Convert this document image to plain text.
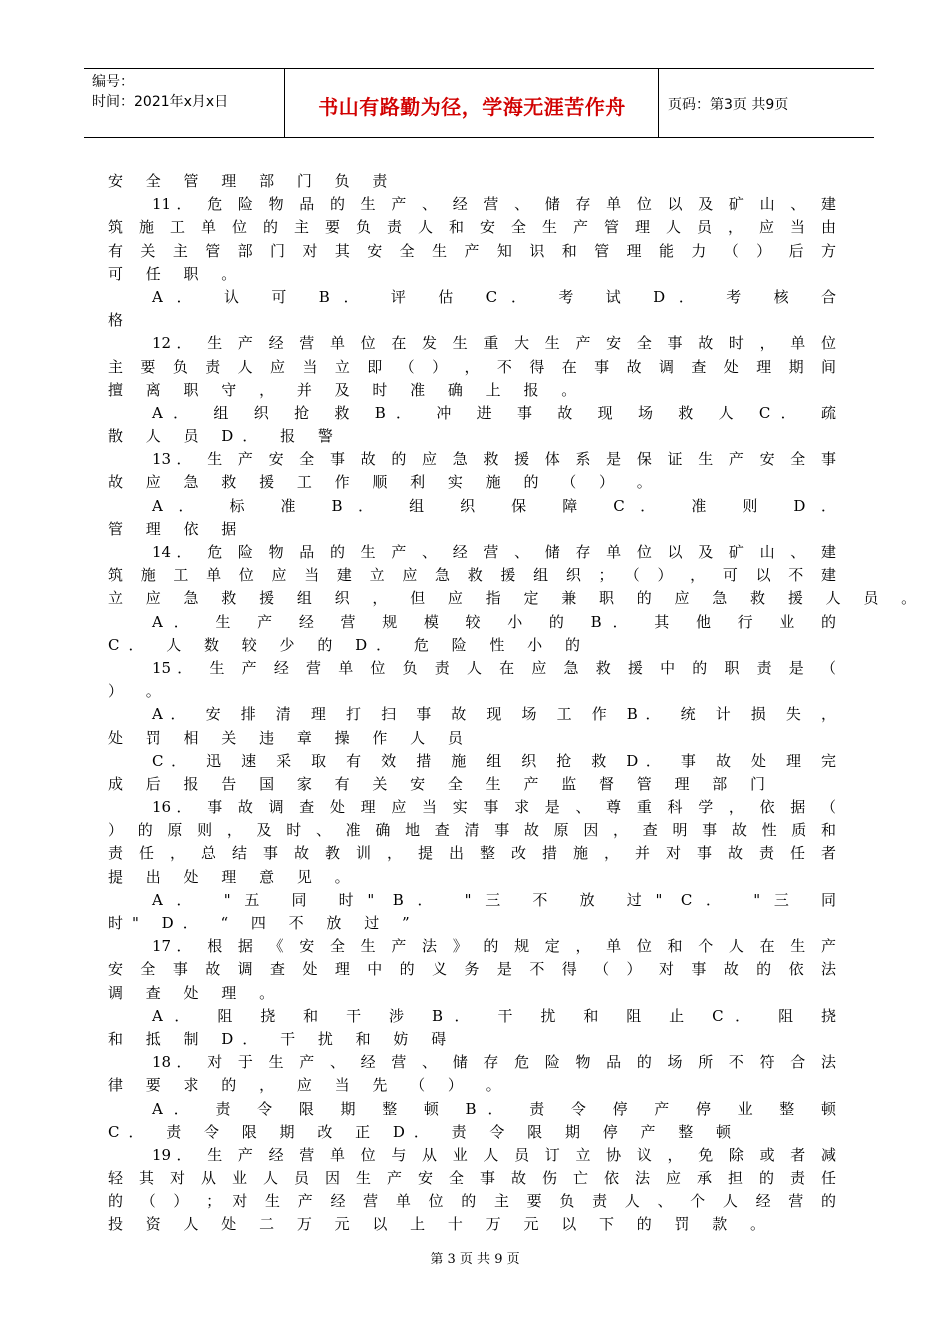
编号：
时间：2021年x月x日	书山有路勤为径，学海无涯苦作舟	页码：第3页 共9页
安 全 管 理 部 门 负 责
11． 危 险 物 品 的 生 产 、 经 营 、 储 存 单 位 以 及 矿 山 、 建
筑 施 工 单 位 的 主 要 负 责 人 和 安 全 生 产 管 理 人 员 ， 应 当 由
有 关 主 管 部 门 对 其 安 全 生 产 知 识 和 管 理 能 力 （ ） 后 方
可 任 职 。
A． 认 可 B． 评 估 C． 考 试 D． 考 核 合
格
12． 生 产 经 营 单 位 在 发 生 重 大 生 产 安 全 事 故 时 ， 单 位
主 要 负 责 人 应 当 立 即 （ ） ， 不 得 在 事 故 调 查 处 理 期 间
擅 离 职 守 ， 并 及 时 准 确 上 报 。
A． 组 织 抢 救 B． 冲 进 事 故 现 场 救 人 C． 疏
散 人 员 D． 报 警
13． 生 产 安 全 事 故 的 应 急 救 援 体 系 是 保 证 生 产 安 全 事
故 应 急 救 援 工 作 顺 利 实 施 的 （ ） 。
A． 标 准 B． 组 织 保 障 C． 准 则 D．
管 理 依 据
14． 危 险 物 品 的 生 产 、 经 营 、 储 存 单 位 以 及 矿 山 、 建
筑 施 工 单 位 应 当 建 立 应 急 救 援 组 织 ； （ ） ， 可 以 不 建
立 应 急 救 援 组 织 ， 但 应 指 定 兼 职 的 应 急 救 援 人 员 。
A． 生 产 经 营 规 模 较 小 的 B． 其 他 行 业 的
C． 人 数 较 少 的 D． 危 险 性 小 的
15． 生 产 经 营 单 位 负 责 人 在 应 急 救 援 中 的 职 责 是 （
） 。
A． 安 排 清 理 打 扫 事 故 现 场 工 作 B． 统 计 损 失 ，
处 罚 相 关 违 章 操 作 人 员
C． 迅 速 采 取 有 效 措 施 组 织 抢 救 D． 事 故 处 理 完
成 后 报 告 国 家 有 关 安 全 生 产 监 督 管 理 部 门
16． 事 故 调 查 处 理 应 当 实 事 求 是 、 尊 重 科 学 ， 依 据 （
） 的 原 则 ， 及 时 、 准 确 地 查 清 事 故 原 因 ， 查 明 事 故 性 质 和
责 任 ， 总 结 事 故 教 训 ， 提 出 整 改 措 施 ， 并 对 事 故 责 任 者
提 出 处 理 意 见 。
A． "五 同 时" B． "三 不 放 过" C． "三 同
时" D． “ 四 不 放 过 ”
17． 根 据 《 安 全 生 产 法 》 的 规 定 ， 单 位 和 个 人 在 生 产
安 全 事 故 调 查 处 理 中 的 义 务 是 不 得 （ ） 对 事 故 的 依 法
调 查 处 理 。
A． 阻 挠 和 干 涉 B． 干 扰 和 阻 止 C． 阻 挠
和 抵 制 D． 干 扰 和 妨 碍
18． 对 于 生 产 、 经 营 、 储 存 危 险 物 品 的 场 所 不 符 合 法
律 要 求 的 ， 应 当 先 （ ） 。
A． 责 令 限 期 整 顿 B． 责 令 停 产 停 业 整 顿
C． 责 令 限 期 改 正 D． 责 令 限 期 停 产 整 顿
19． 生 产 经 营 单 位 与 从 业 人 员 订 立 协 议 ， 免 除 或 者 减
轻 其 对 从 业 人 员 因 生 产 安 全 事 故 伤 亡 依 法 应 承 担 的 责 任
的 （ ） ； 对 生 产 经 营 单 位 的 主 要 负 责 人 、 个 人 经 营 的
投 资 人 处 二 万 元 以 上 十 万 元 以 下 的 罚 款 。
第 3 页 共 9 页
